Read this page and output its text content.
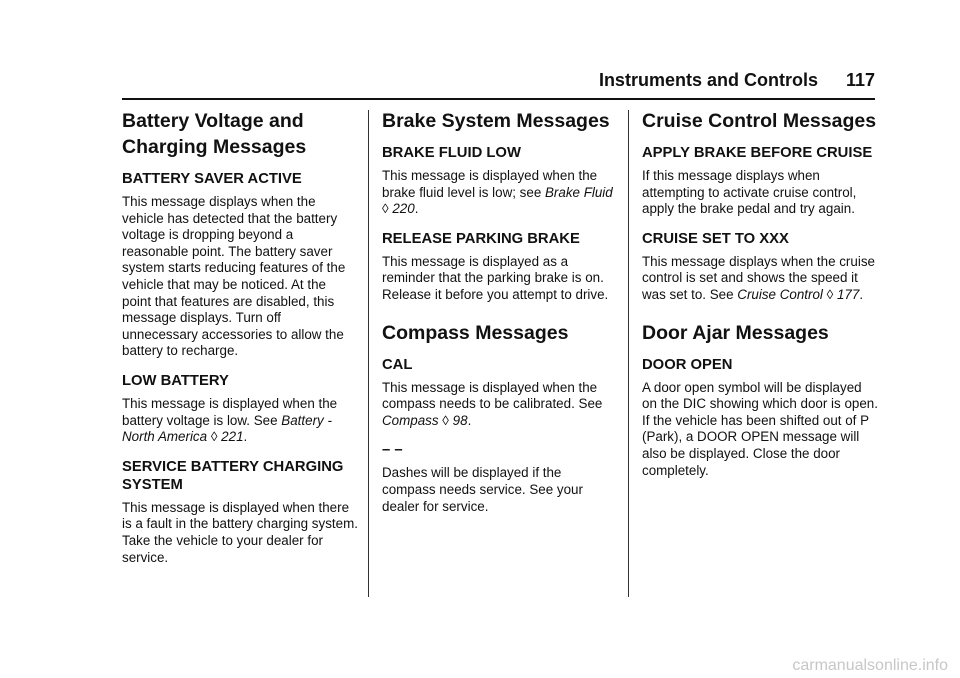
Instruments and Controls 117
Battery Voltage and Charging Messages
BATTERY SAVER ACTIVE

This message displays when the vehicle has detected that the battery voltage is dropping beyond a reasonable point. The battery saver system starts reducing features of the vehicle that may be noticed. At the point that features are disabled, this message displays. Turn off unnecessary accessories to allow the battery to recharge.

LOW BATTERY

This message is displayed when the battery voltage is low. See Battery - North America ◊ 221.

SERVICE BATTERY CHARGING SYSTEM

This message is displayed when there is a fault in the battery charging system. Take the vehicle to your dealer for service.

Brake System Messages
BRAKE FLUID LOW

This message is displayed when the brake fluid level is low; see Brake Fluid ◊ 220.

RELEASE PARKING BRAKE

This message is displayed as a reminder that the parking brake is on. Release it before you attempt to drive.

Compass Messages
CAL

This message is displayed when the compass needs to be calibrated. See Compass ◊ 98.

– –

Dashes will be displayed if the compass needs service. See your dealer for service.

Cruise Control Messages
APPLY BRAKE BEFORE CRUISE

If this message displays when attempting to activate cruise control, apply the brake pedal and try again.

CRUISE SET TO XXX

This message displays when the cruise control is set and shows the speed it was set to. See Cruise Control ◊ 177.

Door Ajar Messages
DOOR OPEN

A door open symbol will be displayed on the DIC showing which door is open. If the vehicle has been shifted out of P (Park), a DOOR OPEN message will also be displayed. Close the door completely.

carmanualsonline.info
